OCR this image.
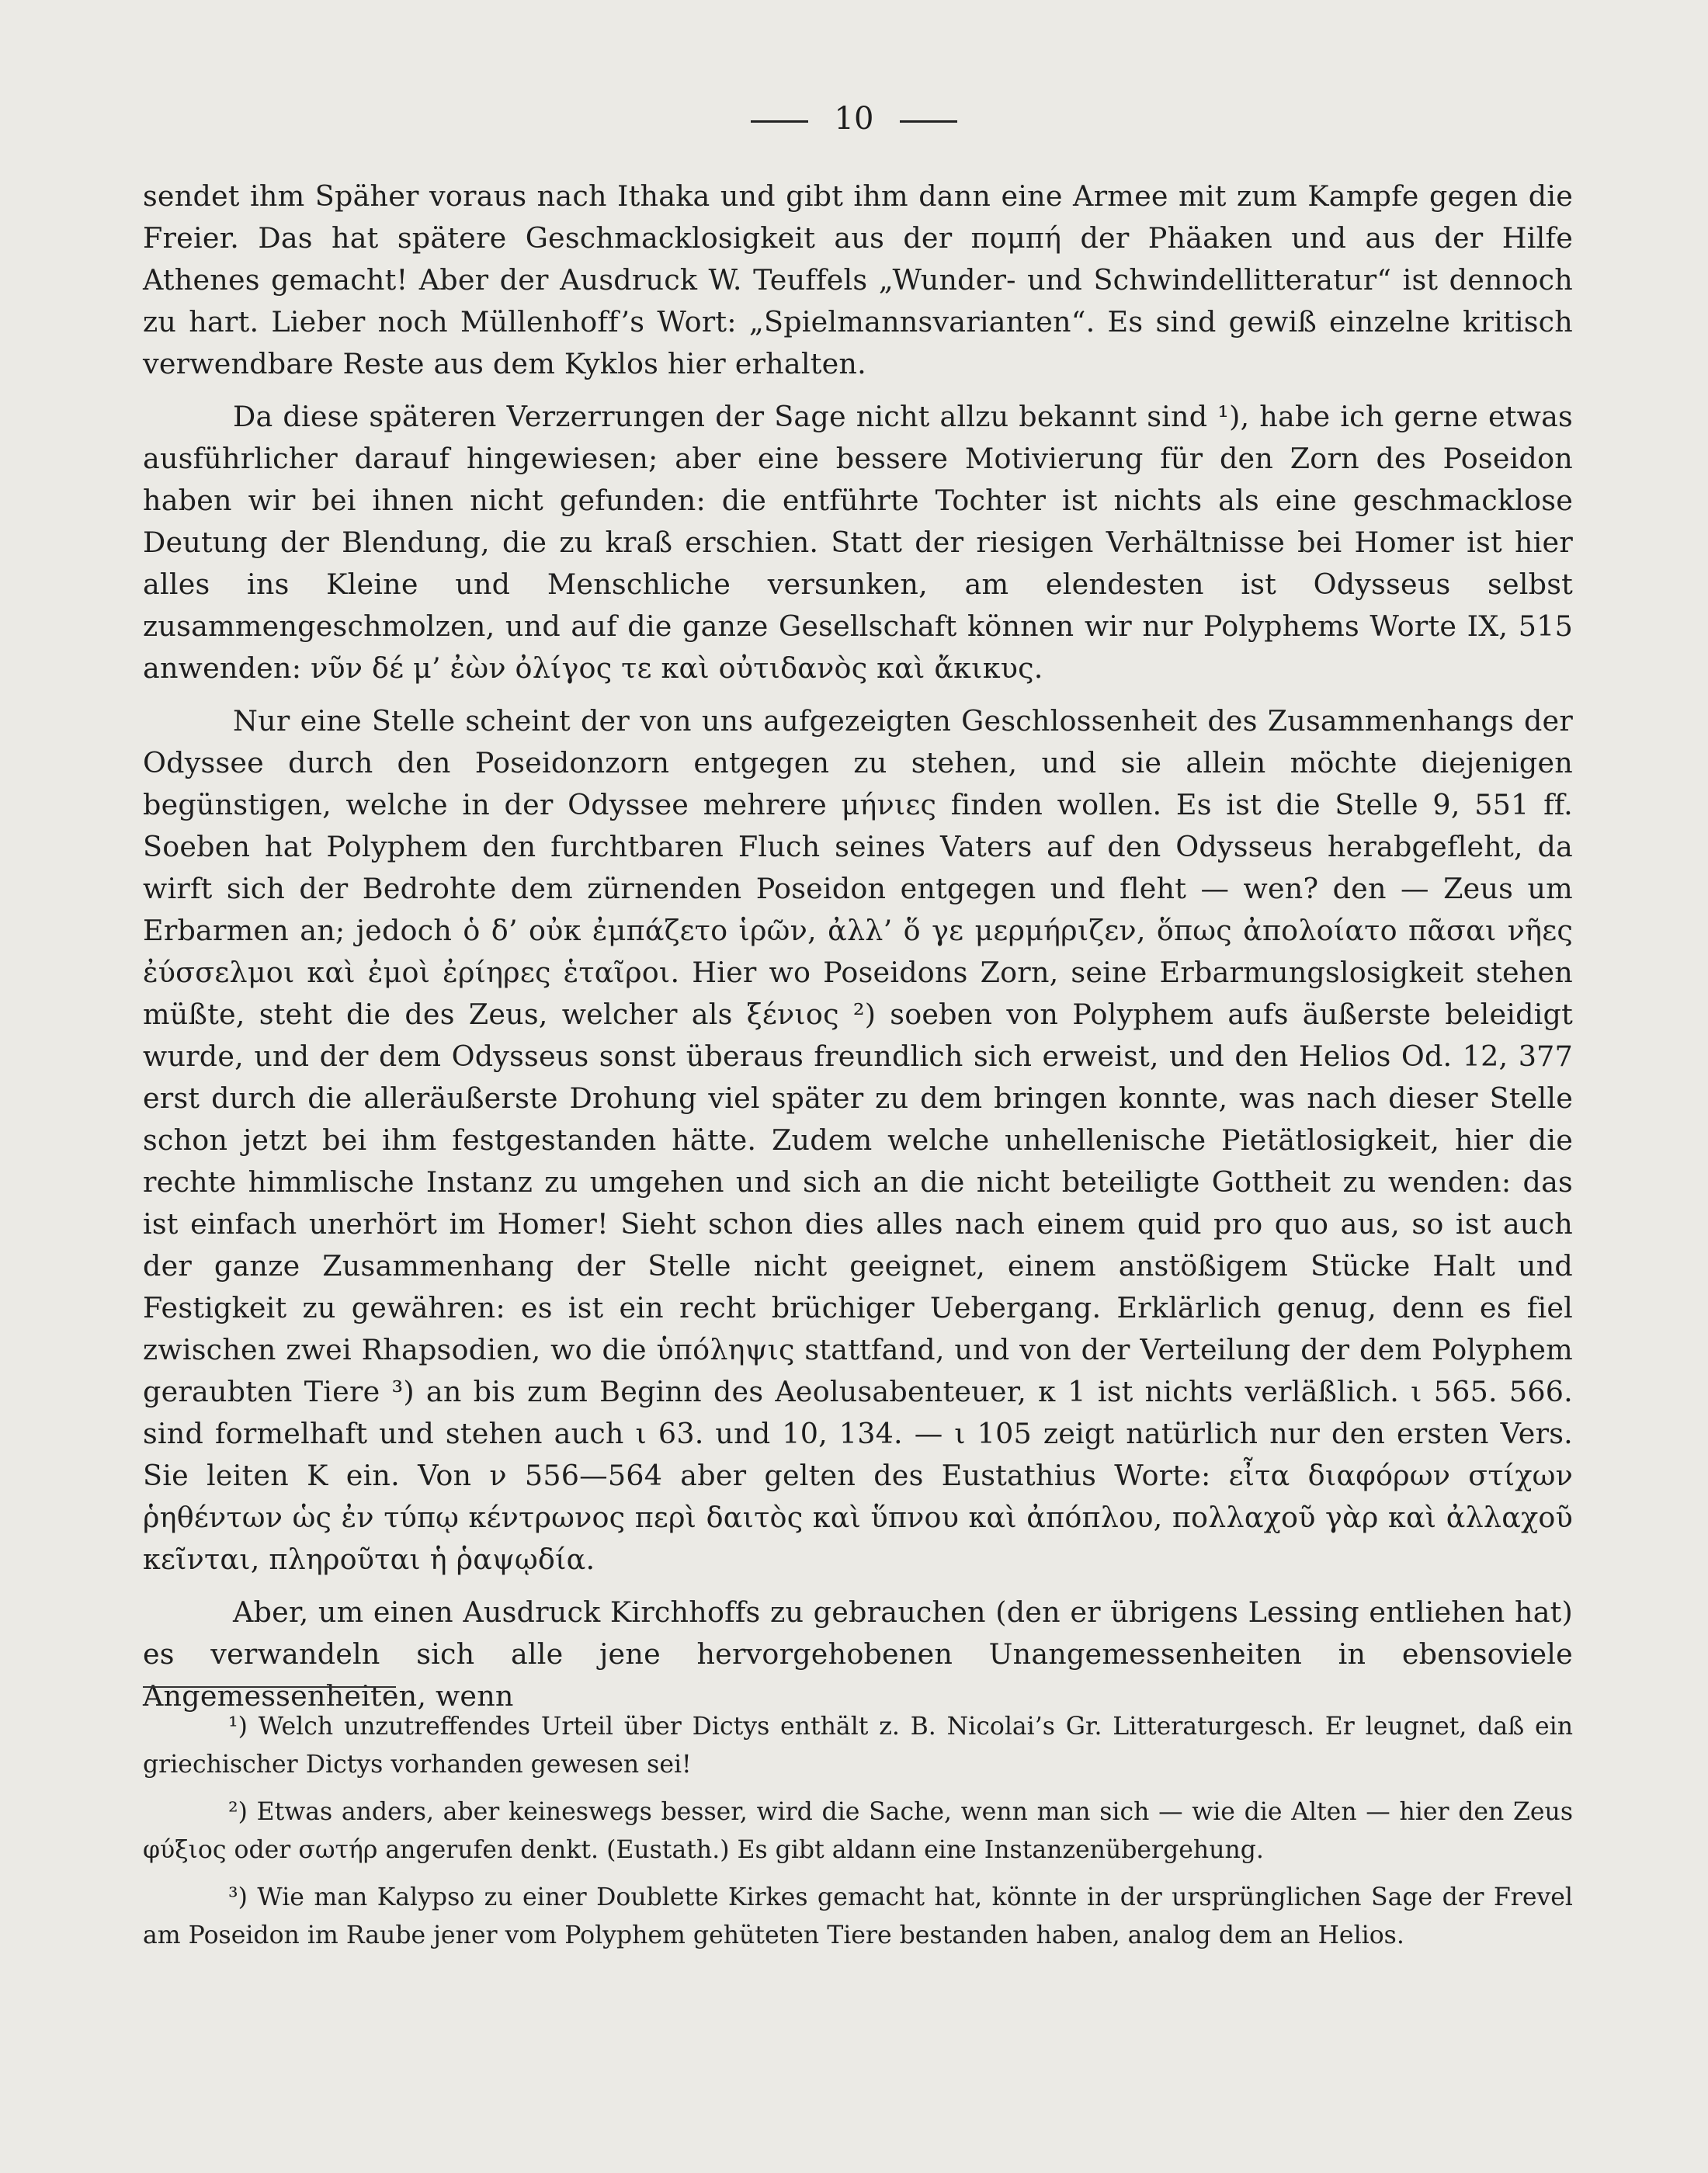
10

sendet ihm Späher voraus nach Ithaka und gibt ihm dann eine Armee mit zum Kampfe gegen die Freier. Das hat spätere Geschmacklosigkeit aus der πομπή der Phäaken und aus der Hilfe Athenes gemacht! Aber der Ausdruck W. Teuffels „Wunder- und Schwindellitteratur“ ist dennoch zu hart. Lieber noch Müllenhoff’s Wort: „Spielmannsvarianten“. Es sind gewiß einzelne kritisch verwendbare Reste aus dem Kyklos hier erhalten.

Da diese späteren Verzerrungen der Sage nicht allzu bekannt sind ¹), habe ich gerne etwas ausführlicher darauf hingewiesen; aber eine bessere Motivierung für den Zorn des Poseidon haben wir bei ihnen nicht gefunden: die entführte Tochter ist nichts als eine geschmacklose Deutung der Blendung, die zu kraß erschien. Statt der riesigen Verhältnisse bei Homer ist hier alles ins Kleine und Menschliche versunken, am elendesten ist Odysseus selbst zusammengeschmolzen, und auf die ganze Gesellschaft können wir nur Polyphems Worte IX, 515 anwenden: νῦν δέ μ’ ἐὼν ὀλίγος τε καὶ οὐτιδανὸς καὶ ἄκικυς.

Nur eine Stelle scheint der von uns aufgezeigten Geschlossenheit des Zusammenhangs der Odyssee durch den Poseidonzorn entgegen zu stehen, und sie allein möchte diejenigen begünstigen, welche in der Odyssee mehrere μήνιες finden wollen. Es ist die Stelle 9, 551 ff. Soeben hat Polyphem den furchtbaren Fluch seines Vaters auf den Odysseus herabgefleht, da wirft sich der Bedrohte dem zürnenden Poseidon entgegen und fleht — wen? den — Zeus um Erbarmen an; jedoch ὁ δ’ οὐκ ἐμπάζετο ἱρῶν, ἀλλ’ ὅ γε μερμήριζεν, ὅπως ἀπολοίατο πᾶσαι νῆες ἐύσσελμοι καὶ ἐμοὶ ἐρίηρες ἑταῖροι. Hier wo Poseidons Zorn, seine Erbarmungslosigkeit stehen müßte, steht die des Zeus, welcher als ξένιος ²) soeben von Polyphem aufs äußerste beleidigt wurde, und der dem Odysseus sonst überaus freundlich sich erweist, und den Helios Od. 12, 377 erst durch die alleräußerste Drohung viel später zu dem bringen konnte, was nach dieser Stelle schon jetzt bei ihm festgestanden hätte. Zudem welche unhellenische Pietätlosigkeit, hier die rechte himmlische Instanz zu umgehen und sich an die nicht beteiligte Gottheit zu wenden: das ist einfach unerhört im Homer! Sieht schon dies alles nach einem quid pro quo aus, so ist auch der ganze Zusammenhang der Stelle nicht geeignet, einem anstößigem Stücke Halt und Festigkeit zu gewähren: es ist ein recht brüchiger Uebergang. Erklärlich genug, denn es fiel zwischen zwei Rhapsodien, wo die ὑπόληψις stattfand, und von der Verteilung der dem Polyphem geraubten Tiere ³) an bis zum Beginn des Aeolusabenteuer, κ 1 ist nichts verläßlich. ι 565. 566. sind formelhaft und stehen auch ι 63. und 10, 134. — ι 105 zeigt natürlich nur den ersten Vers. Sie leiten K ein. Von ν 556—564 aber gelten des Eustathius Worte: εἶτα διαφόρων στίχων ῥηθέντων ὡς ἐν τύπῳ κέντρωνος περὶ δαιτὸς καὶ ὕπνου καὶ ἀπόπλου, πολλαχοῦ γὰρ καὶ ἀλλαχοῦ κεῖνται, πληροῦται ἡ ῥαψῳδία.

Aber, um einen Ausdruck Kirchhoffs zu gebrauchen (den er übrigens Lessing entliehen hat) es verwandeln sich alle jene hervorgehobenen Unangemessenheiten in ebensoviele Angemessenheiten, wenn

¹) Welch unzutreffendes Urteil über Dictys enthält z. B. Nicolai’s Gr. Litteraturgesch. Er leugnet, daß ein griechischer Dictys vorhanden gewesen sei!

²) Etwas anders, aber keineswegs besser, wird die Sache, wenn man sich — wie die Alten — hier den Zeus φύξιος oder σωτήρ angerufen denkt. (Eustath.) Es gibt aldann eine Instanzenübergehung.

³) Wie man Kalypso zu einer Doublette Kirkes gemacht hat, könnte in der ursprünglichen Sage der Frevel am Poseidon im Raube jener vom Polyphem gehüteten Tiere bestanden haben, analog dem an Helios.
